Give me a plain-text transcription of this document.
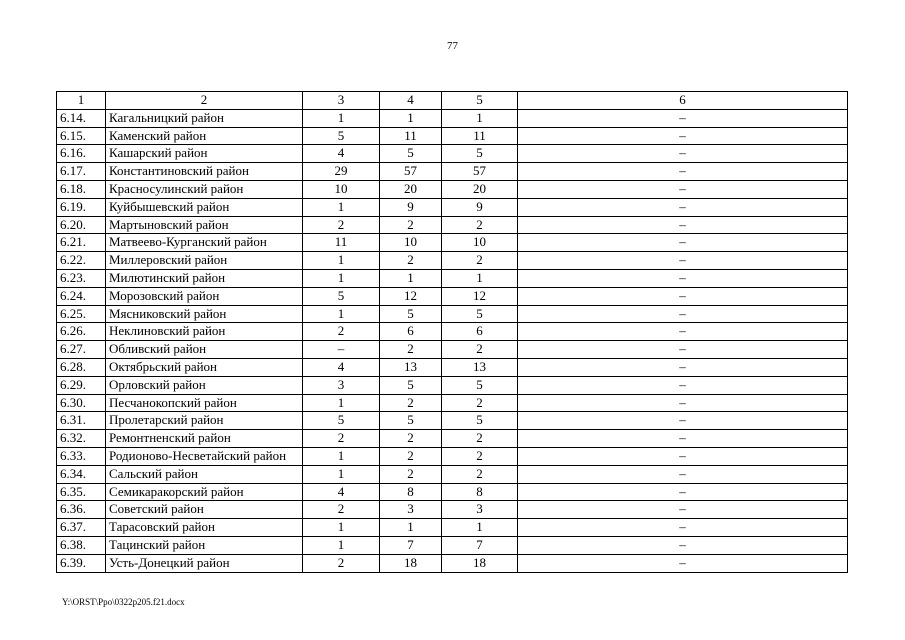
77
1	2	3	4	5	6
6.14.	Кагальницкий район	1	1	1	–
6.15.	Каменский район	5	11	11	–
6.16.	Кашарский район	4	5	5	–
6.17.	Константиновский район	29	57	57	–
6.18.	Красносулинский район	10	20	20	–
6.19.	Куйбышевский район	1	9	9	–
6.20.	Мартыновский район	2	2	2	–
6.21.	Матвеево-Курганский район	11	10	10	–
6.22.	Миллеровский район	1	2	2	–
6.23.	Милютинский район	1	1	1	–
6.24.	Морозовский район	5	12	12	–
6.25.	Мясниковский район	1	5	5	–
6.26.	Неклиновский район	2	6	6	–
6.27.	Обливский район	–	2	2	–
6.28.	Октябрьский район	4	13	13	–
6.29.	Орловский район	3	5	5	–
6.30.	Песчанокопский район	1	2	2	–
6.31.	Пролетарский район	5	5	5	–
6.32.	Ремонтненский район	2	2	2	–
6.33.	Родионово-Несветайский район	1	2	2	–
6.34.	Сальский район	1	2	2	–
6.35.	Семикаракорский район	4	8	8	–
6.36.	Советский район	2	3	3	–
6.37.	Тарасовский район	1	1	1	–
6.38.	Тацинский район	1	7	7	–
6.39.	Усть-Донецкий район	2	18	18	–
Y:\ORST\Ppo\0322p205.f21.docx
